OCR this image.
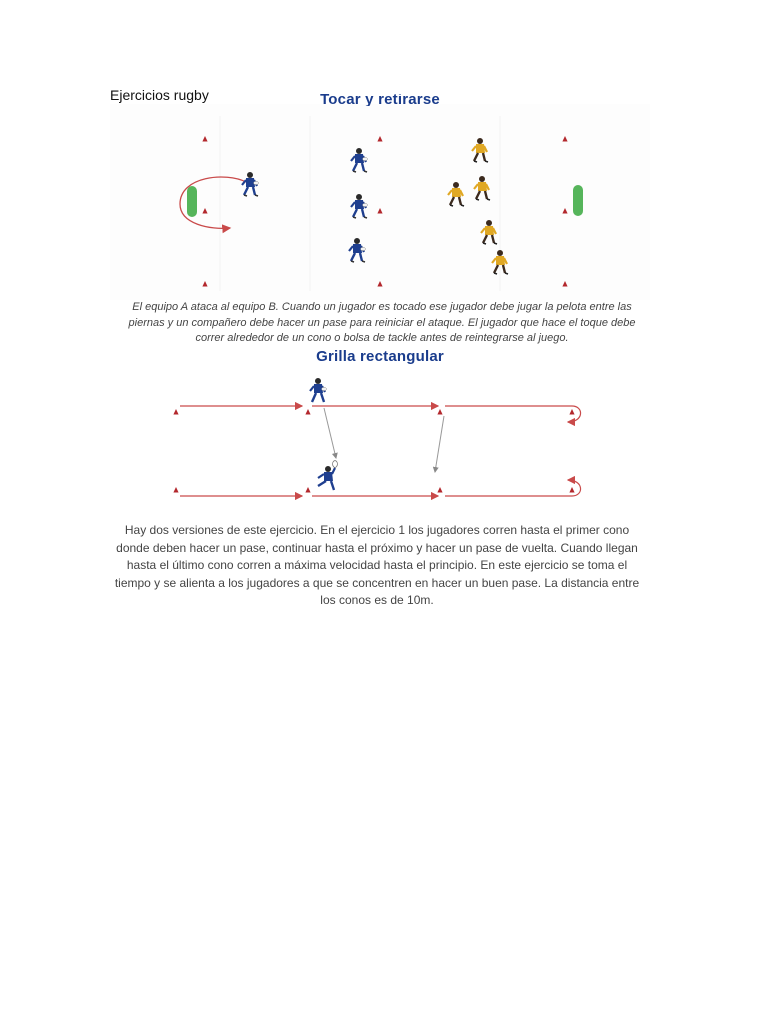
Ejercicios rugby	Tocar y retirarse
El equipo A ataca al equipo B. Cuando un jugador es tocado ese jugador debe jugar la pelota entre las piernas y un compañero debe hacer un pase para reiniciar el ataque. El jugador que hace el toque debe correr alrededor de un cono o bolsa de tackle antes de reintegrarse al juego.
Grilla rectangular
Hay dos versiones de este ejercicio. En el ejercicio 1 los jugadores corren hasta el primer cono donde deben hacer un pase, continuar hasta el próximo y hacer un pase de vuelta. Cuando llegan hasta el último cono corren a máxima velocidad hasta el principio. En este ejercicio se toma el tiempo y se alienta a los jugadores a que se concentren en hacer un buen pase. La distancia entre los conos es de 10m.
